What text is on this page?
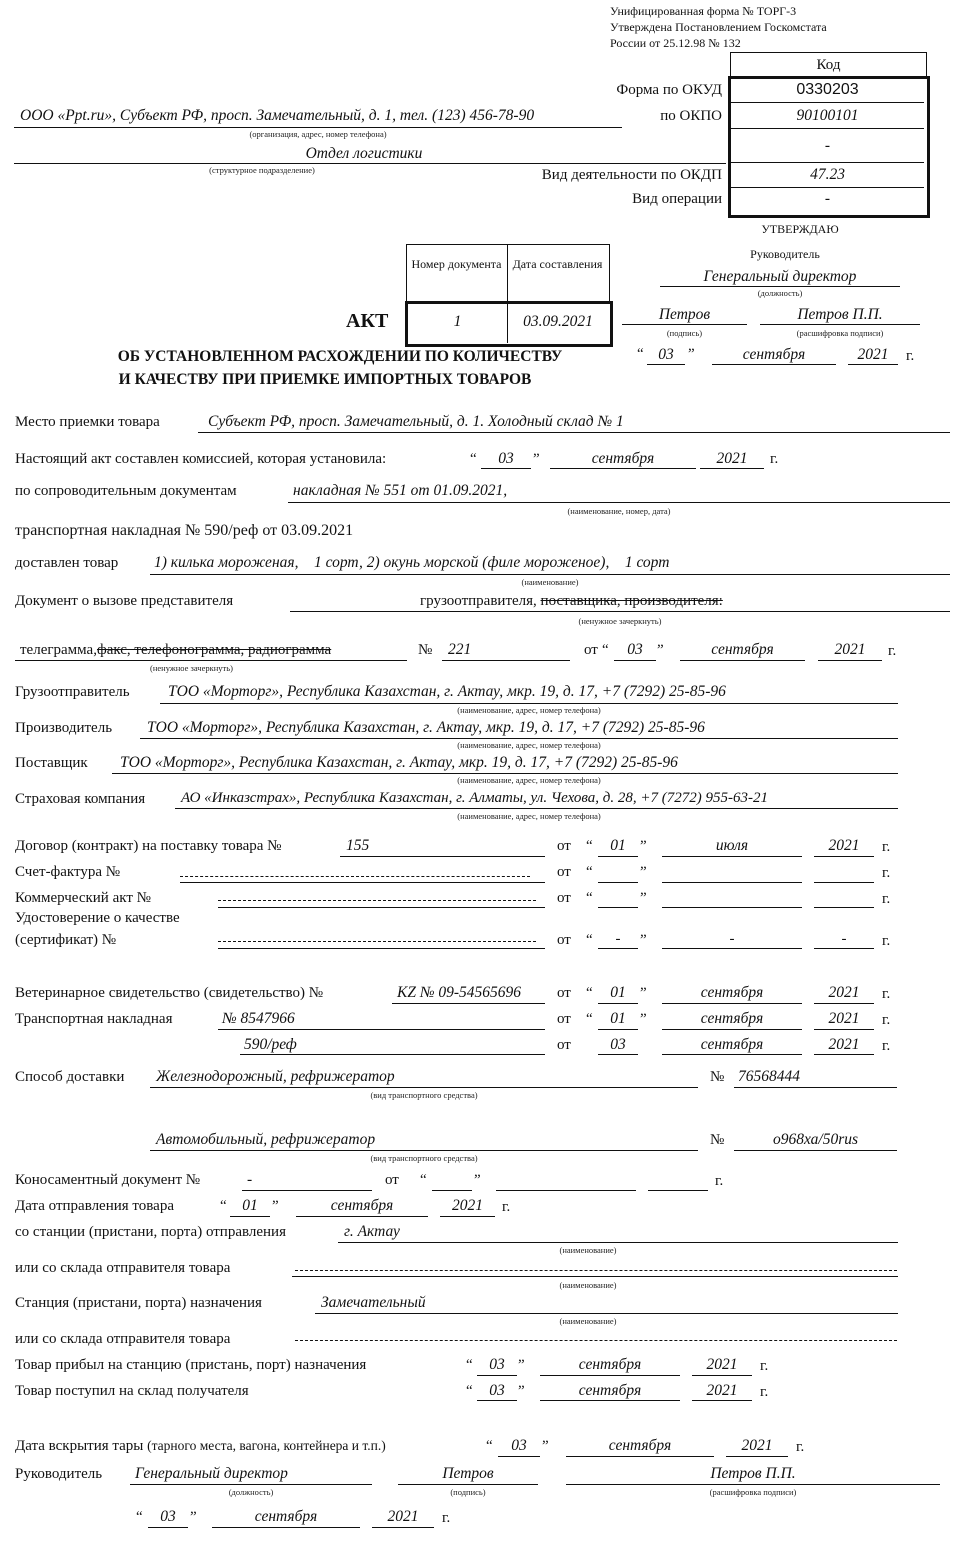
Унифицированная форма № ТОРГ-3
Утверждена Постановлением Госкомстата
России от 25.12.98 № 132
Код
Форма по ОКУД	0330203
по ОКПО	90100101
-
Вид деятельности по ОКДП	47.23
Вид операции	-
ООО «Ppt.ru», Субъект РФ, просп. Замечательный, д. 1, тел. (123) 456-78-90
(организация, адрес, номер телефона)
Отдел логистики
(структурное подразделение)
УТВЕРЖДАЮ
Руководитель
Генеральный директор
(должность)
Петров
(подпись)
Петров П.П.
(расшифровка подписи)
“ 03 ”	сентября	2021	г.
Номер документа Дата составления
АКТ	1	03.09.2021
ОБ УСТАНОВЛЕННОМ РАСХОЖДЕНИИ ПО КОЛИЧЕСТВУ
И КАЧЕСТВУ ПРИ ПРИЕМКЕ ИМПОРТНЫХ ТОВАРОВ
Место приемки товара	Субъект РФ, просп. Замечательный, д. 1. Холодный склад № 1
Настоящий акт составлен комиссией, которая установила:	“	03	”	сентября	2021	г.
по сопроводительным документам	накладная № 551 от 01.09.2021,
(наименование, номер, дата)
транспортная накладная № 590/реф от 03.09.2021
доставлен товар 1) килька мороженая,    1 сорт, 2) окунь морской (филе мороженое),    1 сорт
(наименование)
Документ о вызове представителя	грузоотправителя, поставщика, производителя:
(ненужное зачеркнуть)
телеграмма,факс, телефонограмма, радиограмма
(ненужное зачеркнуть)
№ 221	от “	03 ”	сентября	2021	г.
Грузоотправитель ТОО «Морторг», Республика Казахстан, г. Актау, мкр. 19, д. 17, +7 (7292) 25-85-96
(наименование, адрес, номер телефона)
Производитель ТОО «Морторг», Республика Казахстан, г. Актау, мкр. 19, д. 17, +7 (7292) 25-85-96
(наименование, адрес, номер телефона)
Поставщик ТОО «Морторг», Республика Казахстан, г. Актау, мкр. 19, д. 17, +7 (7292) 25-85-96
(наименование, адрес, номер телефона)
Страховая компания АО «Инказстрах», Республика Казахстан, г. Алматы, ул. Чехова, д. 28, +7 (7272) 955-63-21
(наименование, адрес, номер телефона)
Договор (контракт) на поставку товара №	155	от “	01 ”	июля	2021	г.
Счет-фактура №	от “	”	г.
Коммерческий акт №	от “	”	г.
Удостоверение о качестве
(сертификат) №	от “	-	”	-	-	г.
Ветеринарное свидетельство (свидетельство) №	KZ № 09-54565696 от “	01 ”	сентября	2021	г.
Транспортная накладная	№ 8547966	от “	01 ”	сентября	2021	г.
590/реф	от	03	сентября	2021	г.
Способ доставки Железнодорожный, рефрижератор
(вид транспортного средства)
№ 76568444
Автомобильный, рефрижератор
(вид транспортного средства)
№	о968ха/50rus
Коносаментный документ №	-	от “	”	г.
Дата отправления товара	“	01 ”	сентября	2021	г.
со станции (пристани, порта) отправления	г. Актау
(наименование)
или со склада отправителя товара
(наименование)
Станция (пристани, порта) назначения	Замечательный
(наименование)
или со склада отправителя товара
Товар прибыл на станцию (пристань, порт) назначения	“	03 ”	сентября	2021	г.
Товар поступил на склад получателя	“	03 ”	сентября	2021	г.
Дата вскрытия тары (тарного места, вагона, контейнера и т.п.)	“	03	”	сентября	2021	г.
Руководитель Генеральный директор
(должность)
Петров
(подпись)
Петров П.П.
(расшифровка подписи)
“	03 ”	сентября	2021	г.
